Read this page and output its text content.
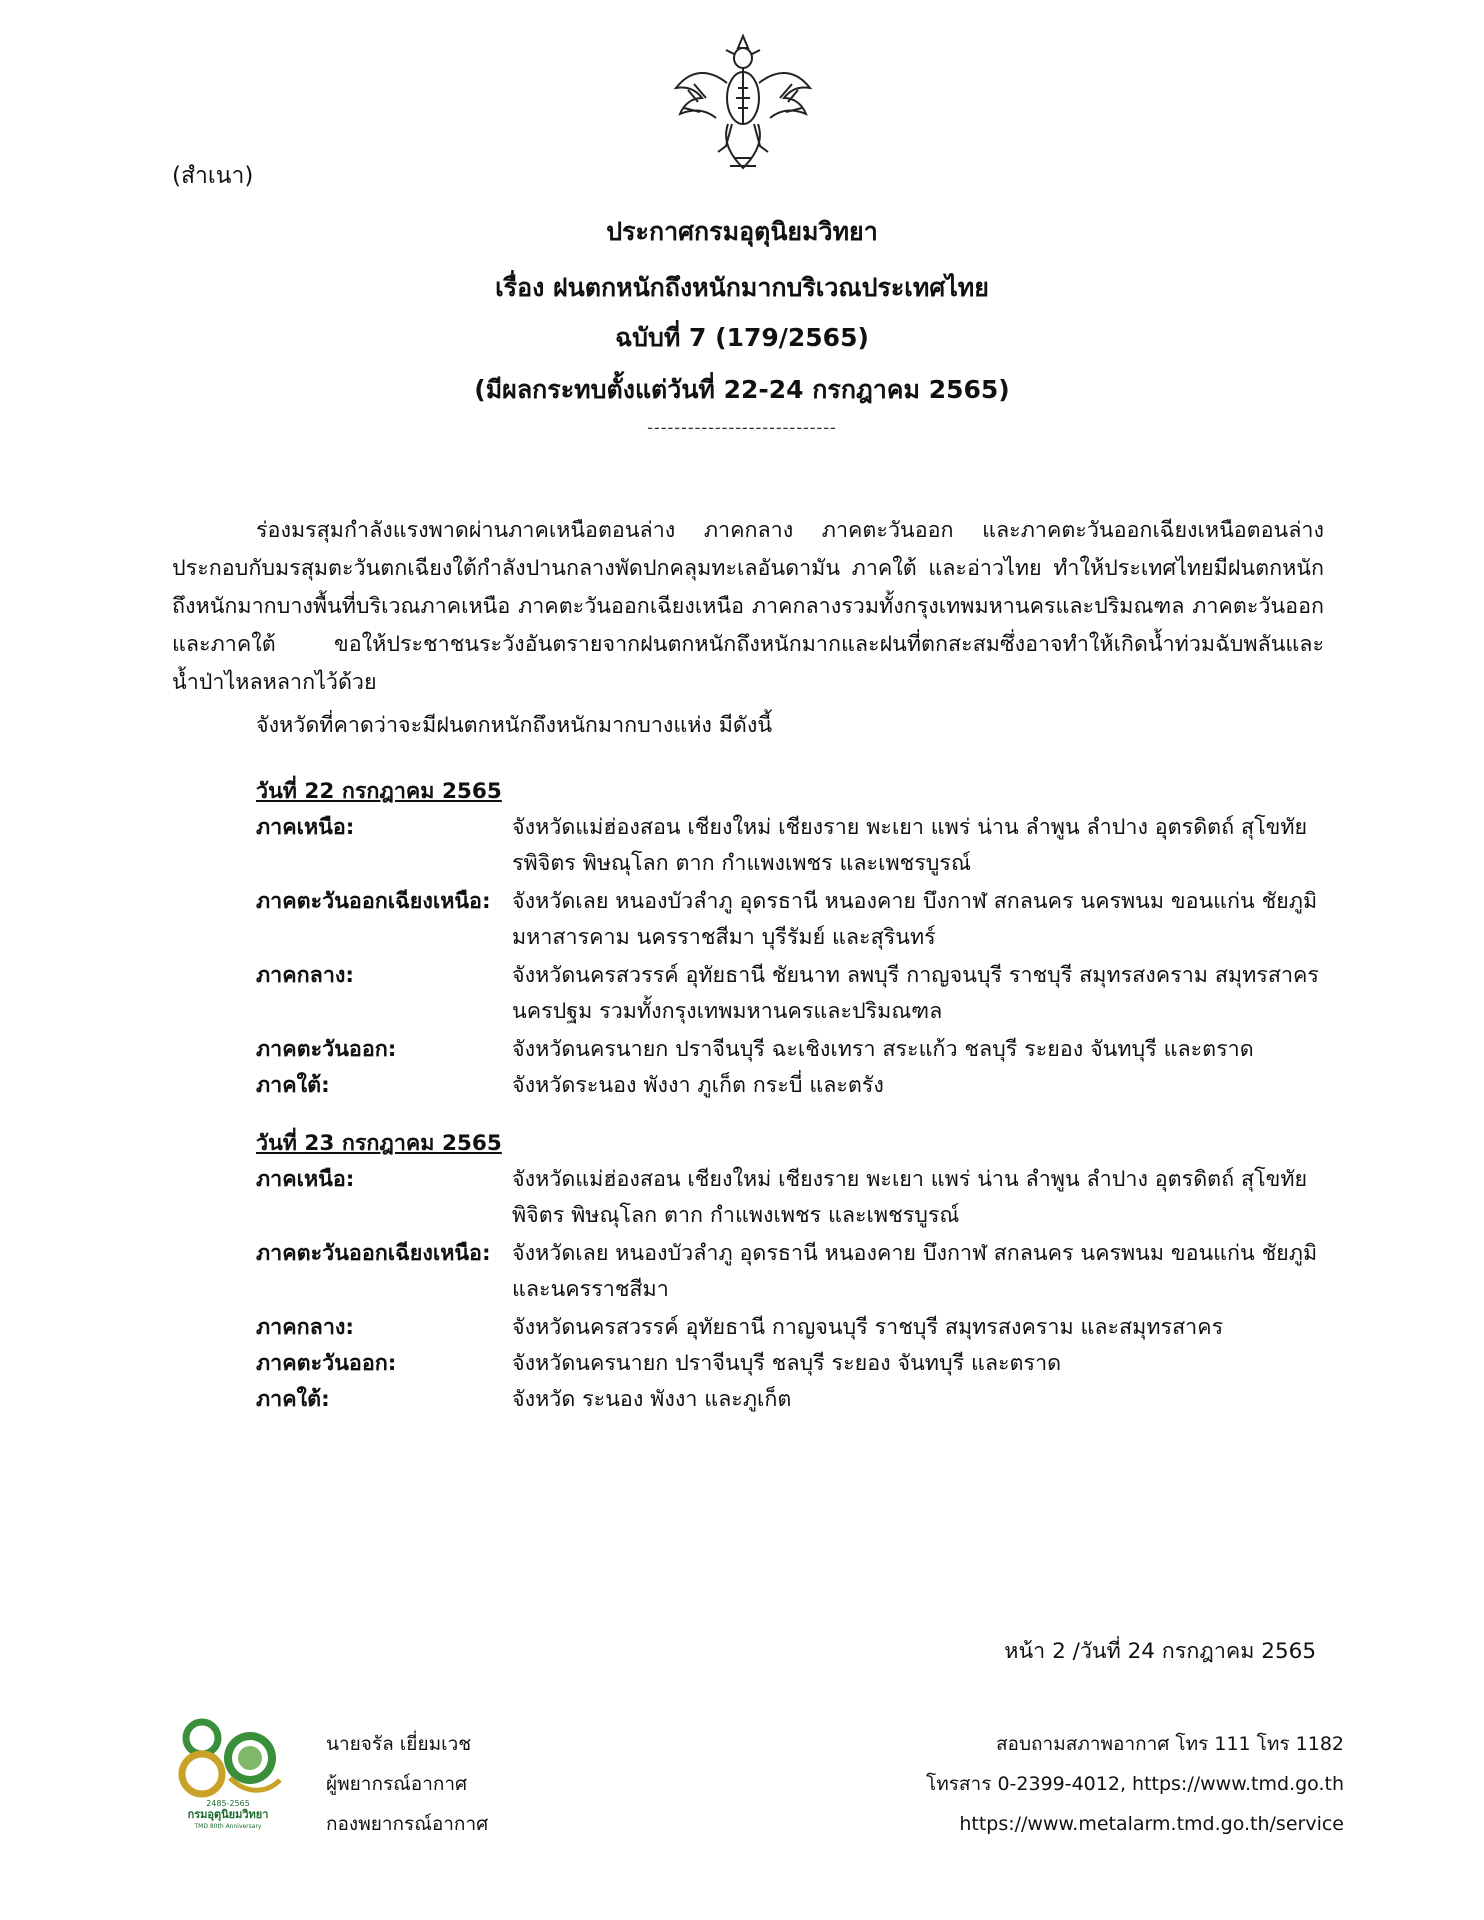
(สำเนา)
ประกาศกรมอุตุนิยมวิทยา
เรื่อง ฝนตกหนักถึงหนักมากบริเวณประเทศไทย
ฉบับที่ 7 (179/2565)
(มีผลกระทบตั้งแต่วันที่ 22-24 กรกฎาคม 2565)
----------------------------

ร่องมรสุมกำลังแรงพาดผ่านภาคเหนือตอนล่าง ภาคกลาง ภาคตะวันออก และภาคตะวันออกเฉียงเหนือตอนล่าง ประกอบกับมรสุมตะวันตกเฉียงใต้กำลังปานกลางพัดปกคลุมทะเลอันดามัน ภาคใต้ และอ่าวไทย ทำให้ประเทศไทยมีฝนตกหนักถึงหนักมากบางพื้นที่บริเวณภาคเหนือ ภาคตะวันออกเฉียงเหนือ ภาคกลางรวมทั้งกรุงเทพมหานครและปริมณฑล ภาคตะวันออก และภาคใต้ ขอให้ประชาชนระวังอันตรายจากฝนตกหนักถึงหนักมากและฝนที่ตกสะสมซึ่งอาจทำให้เกิดน้ำท่วมฉับพลันและน้ำป่าไหลหลากไว้ด้วย

จังหวัดที่คาดว่าจะมีฝนตกหนักถึงหนักมากบางแห่ง มีดังนี้
วันที่ 22 กรกฎาคม 2565
ภาคเหนือ:	จังหวัดแม่ฮ่องสอน เชียงใหม่ เชียงราย พะเยา แพร่ น่าน ลำพูน ลำปาง อุตรดิตถ์ สุโขทัย รพิจิตร พิษณุโลก ตาก กำแพงเพชร และเพชรบูรณ์
ภาคตะวันออกเฉียงเหนือ: จังหวัดเลย หนองบัวลำภู อุดรธานี หนองคาย บึงกาฬ สกลนคร นครพนม ขอนแก่น ชัยภูมิ มหาสารคาม นครราชสีมา บุรีรัมย์ และสุรินทร์
ภาคกลาง:	จังหวัดนครสวรรค์ อุทัยธานี ชัยนาท ลพบุรี กาญจนบุรี ราชบุรี สมุทรสงคราม สมุทรสาคร นครปฐม รวมทั้งกรุงเทพมหานครและปริมณฑล
ภาคตะวันออก:	จังหวัดนครนายก ปราจีนบุรี ฉะเชิงเทรา สระแก้ว ชลบุรี ระยอง จันทบุรี และตราด
ภาคใต้:	จังหวัดระนอง พังงา ภูเก็ต กระบี่ และตรัง
วันที่ 23 กรกฎาคม 2565
ภาคเหนือ:	จังหวัดแม่ฮ่องสอน เชียงใหม่ เชียงราย พะเยา แพร่ น่าน ลำพูน ลำปาง อุตรดิตถ์ สุโขทัย พิจิตร พิษณุโลก ตาก กำแพงเพชร และเพชรบูรณ์
ภาคตะวันออกเฉียงเหนือ: จังหวัดเลย หนองบัวลำภู อุดรธานี หนองคาย บึงกาฬ สกลนคร นครพนม ขอนแก่น ชัยภูมิ และนครราชสีมา
ภาคกลาง:	จังหวัดนครสวรรค์ อุทัยธานี กาญจนบุรี ราชบุรี สมุทรสงคราม และสมุทรสาคร
ภาคตะวันออก:	จังหวัดนครนายก ปราจีนบุรี ชลบุรี ระยอง จันทบุรี และตราด
ภาคใต้:	จังหวัด ระนอง พังงา และภูเก็ต
หน้า 2 /วันที่ 24 กรกฎาคม 2565
2485-2565
กรมอุตุนิยมวิทยา
TMD 80th Anniversary
นายจรัล เยี่ยมเวช
ผู้พยากรณ์อากาศ
กองพยากรณ์อากาศ
สอบถามสภาพอากาศ โทร 111 โทร 1182
โทรสาร 0-2399-4012, https://www.tmd.go.th
https://www.metalarm.tmd.go.th/service
